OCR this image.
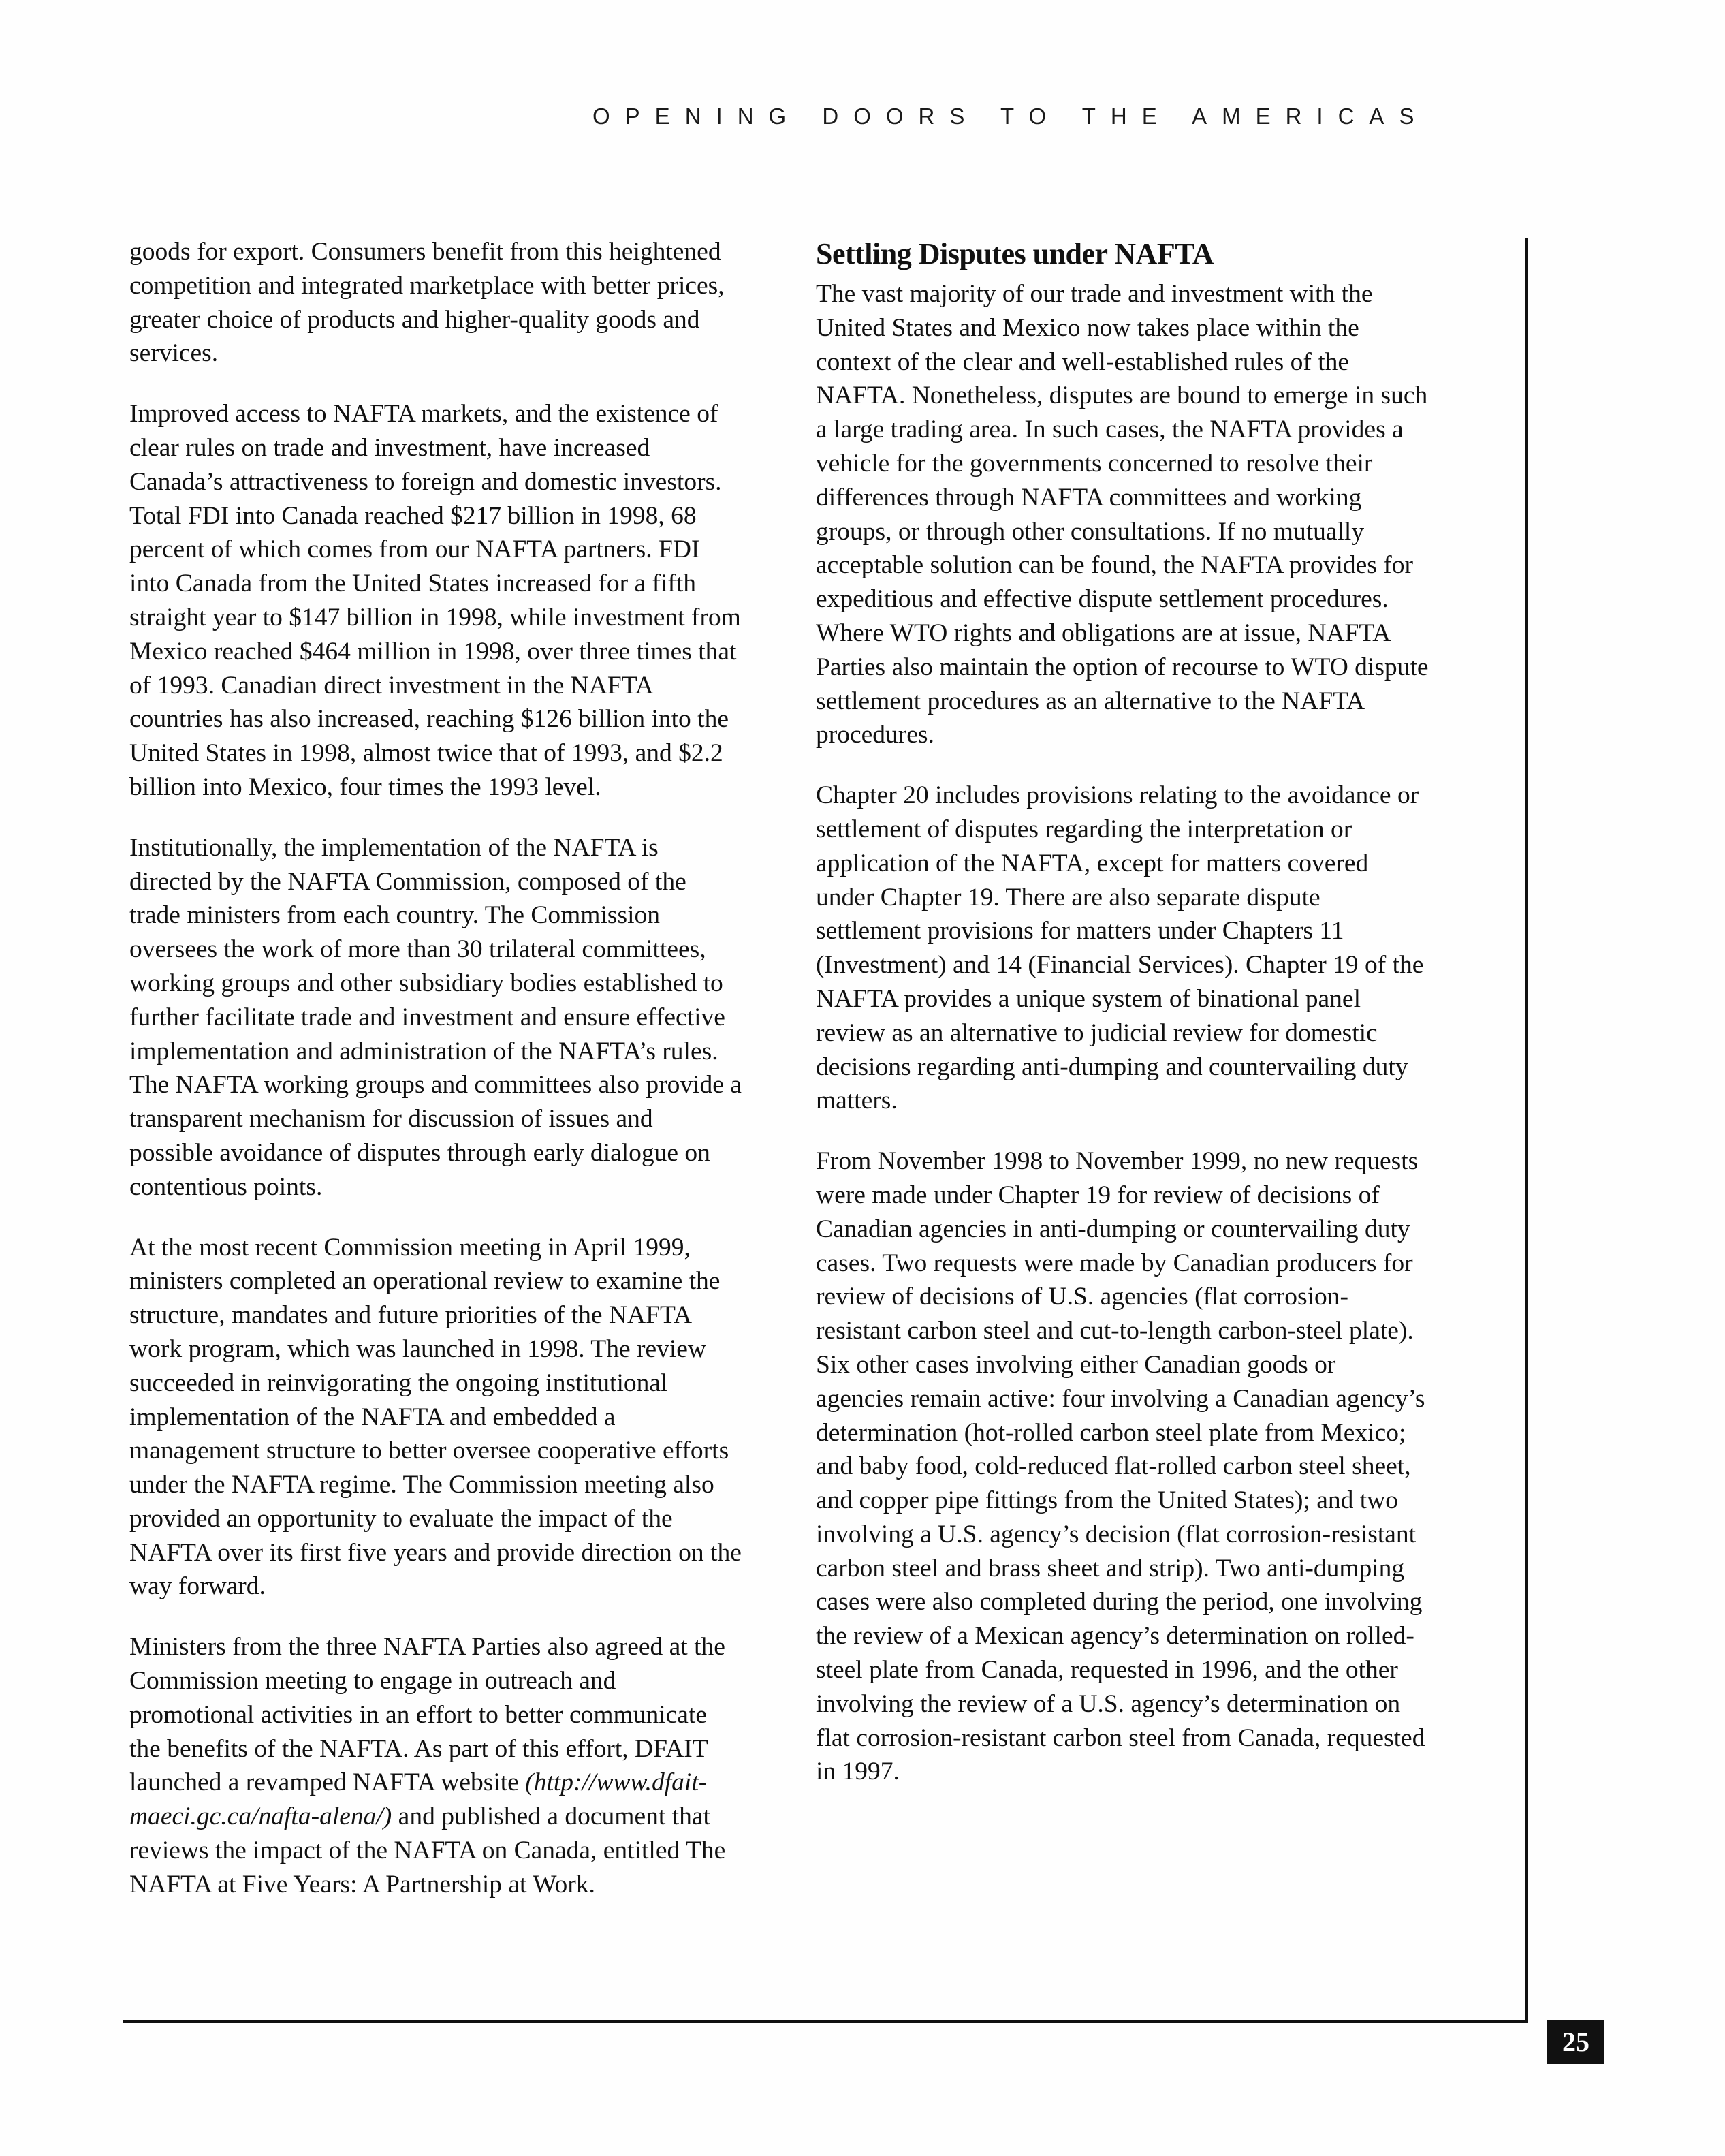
OPENING DOORS TO THE AMERICAS

goods for export. Consumers benefit from this heightened competition and integrated marketplace with better prices, greater choice of products and higher-quality goods and services.

Improved access to NAFTA markets, and the existence of clear rules on trade and investment, have increased Canada’s attractiveness to foreign and domestic investors. Total FDI into Canada reached $217 billion in 1998, 68 percent of which comes from our NAFTA partners. FDI into Canada from the United States increased for a fifth straight year to $147 billion in 1998, while investment from Mexico reached $464 million in 1998, over three times that of 1993. Canadian direct investment in the NAFTA countries has also increased, reaching $126 billion into the United States in 1998, almost twice that of 1993, and $2.2 billion into Mexico, four times the 1993 level.

Institutionally, the implementation of the NAFTA is directed by the NAFTA Commission, composed of the trade ministers from each country. The Commission oversees the work of more than 30 trilateral committees, working groups and other subsidiary bodies established to further facilitate trade and investment and ensure effective implementation and administration of the NAFTA’s rules. The NAFTA working groups and committees also provide a transparent mechanism for discussion of issues and possible avoidance of disputes through early dialogue on contentious points.

At the most recent Commission meeting in April 1999, ministers completed an operational review to examine the structure, mandates and future priorities of the NAFTA work program, which was launched in 1998. The review succeeded in reinvigorating the ongoing institutional implementation of the NAFTA and embedded a management structure to better oversee cooperative efforts under the NAFTA regime. The Commission meeting also provided an opportunity to evaluate the impact of the NAFTA over its first five years and provide direction on the way forward.

Ministers from the three NAFTA Parties also agreed at the Commission meeting to engage in outreach and promotional activities in an effort to better communicate the benefits of the NAFTA. As part of this effort, DFAIT launched a revamped NAFTA website (http://www.dfait-maeci.gc.ca/nafta-alena/) and published a document that reviews the impact of the NAFTA on Canada, entitled The NAFTA at Five Years: A Partnership at Work.

Settling Disputes under NAFTA

The vast majority of our trade and investment with the United States and Mexico now takes place within the context of the clear and well-established rules of the NAFTA. Nonetheless, disputes are bound to emerge in such a large trading area. In such cases, the NAFTA provides a vehicle for the governments concerned to resolve their differences through NAFTA committees and working groups, or through other consultations. If no mutually acceptable solution can be found, the NAFTA provides for expeditious and effective dispute settlement procedures. Where WTO rights and obligations are at issue, NAFTA Parties also maintain the option of recourse to WTO dispute settlement procedures as an alternative to the NAFTA procedures.

Chapter 20 includes provisions relating to the avoidance or settlement of disputes regarding the interpretation or application of the NAFTA, except for matters covered under Chapter 19. There are also separate dispute settlement provisions for matters under Chapters 11 (Investment) and 14 (Financial Services). Chapter 19 of the NAFTA provides a unique system of binational panel review as an alternative to judicial review for domestic decisions regarding anti-dumping and countervailing duty matters.

From November 1998 to November 1999, no new requests were made under Chapter 19 for review of decisions of Canadian agencies in anti-dumping or countervailing duty cases. Two requests were made by Canadian producers for review of decisions of U.S. agencies (flat corrosion-resistant carbon steel and cut-to-length carbon-steel plate). Six other cases involving either Canadian goods or agencies remain active: four involving a Canadian agency’s determination (hot-rolled carbon steel plate from Mexico; and baby food, cold-reduced flat-rolled carbon steel sheet, and copper pipe fittings from the United States); and two involving a U.S. agency’s decision (flat corrosion-resistant carbon steel and brass sheet and strip). Two anti-dumping cases were also completed during the period, one involving the review of a Mexican agency’s determination on rolled-steel plate from Canada, requested in 1996, and the other involving the review of a U.S. agency’s determination on flat corrosion-resistant carbon steel from Canada, requested in 1997.

25
